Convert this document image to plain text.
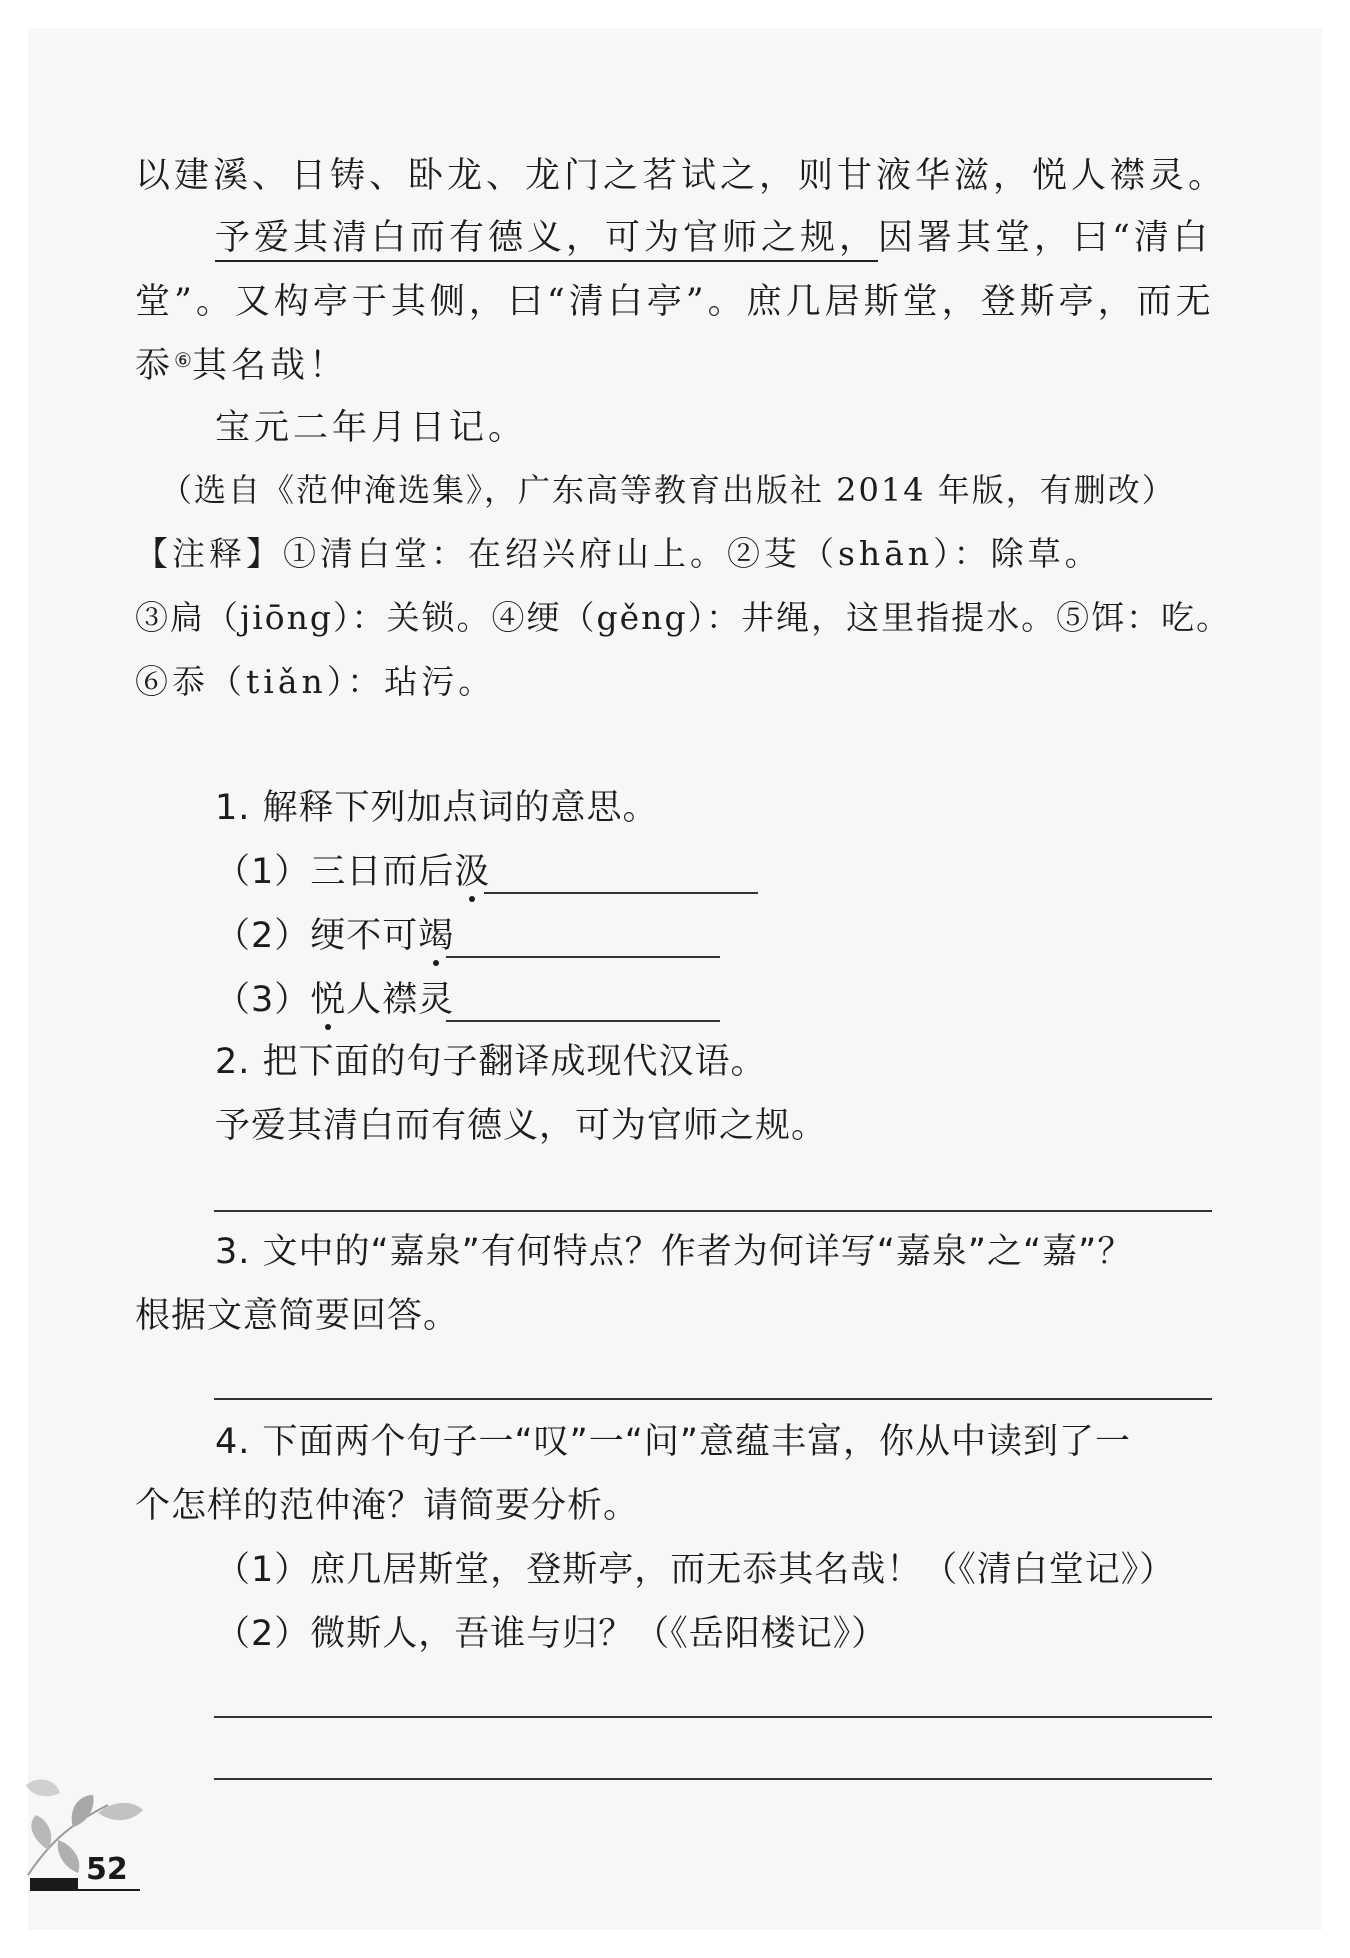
以建溪、日铸、卧龙、龙门之茗试之，则甘液华滋，悦人襟灵。
予爱其清白而有德义，可为官师之规，因署其堂，曰“清白
堂”。又构亭于其侧，曰“清白亭”。庶几居斯堂，登斯亭，而无
忝⑥其名哉！
宝元二年月日记。
（选自《范仲淹选集》，广东高等教育出版社 2014 年版，有删改）
【注释】①清白堂：在绍兴府山上。②芟（shān）：除草。
③扃（jiōng）：关锁。④绠（gěng）：井绳，这里指提水。⑤饵：吃。
⑥忝（tiǎn）：玷污。
1. 解释下列加点词的意思。
（1）三日而后汲
（2）绠不可竭
（3）悦人襟灵
2. 把下面的句子翻译成现代汉语。
予爱其清白而有德义，可为官师之规。
3. 文中的“嘉泉”有何特点？作者为何详写“嘉泉”之“嘉”？
根据文意简要回答。
4. 下面两个句子一“叹”一“问”意蕴丰富，你从中读到了一
个怎样的范仲淹？请简要分析。
（1）庶几居斯堂，登斯亭，而无忝其名哉！（《清白堂记》）
（2）微斯人，吾谁与归？（《岳阳楼记》）
52
